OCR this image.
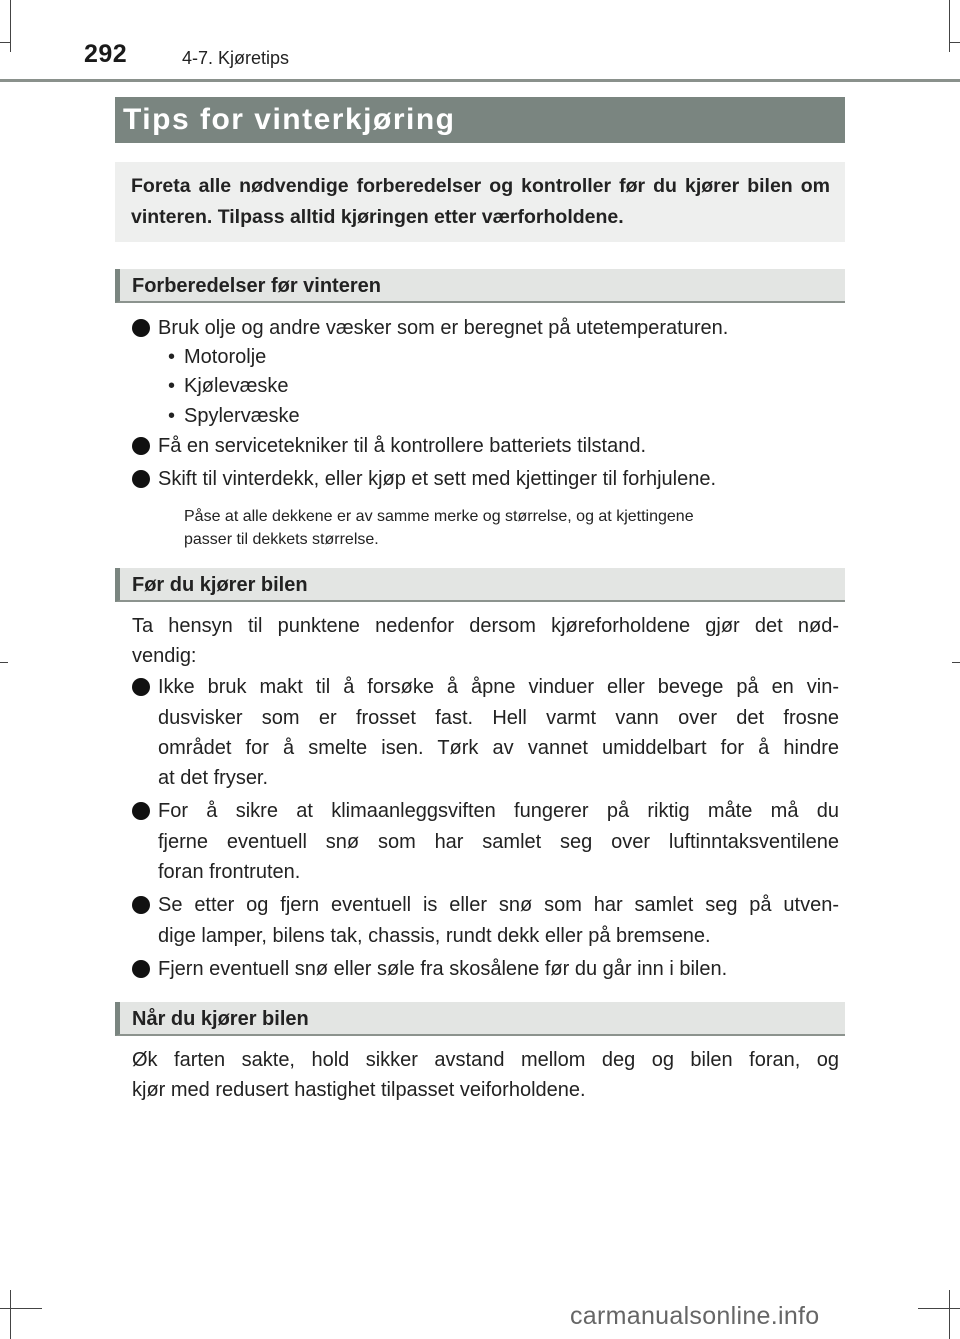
292	4-7. Kjøretips
Tips for vinterkjøring
Foreta alle nødvendige forberedelser og kontroller før du kjører bilen om vinteren. Tilpass alltid kjøringen etter værforholdene.
Forberedelser før vinteren
Bruk olje og andre væsker som er beregnet på utetemperaturen.
• Motorolje
• Kjølevæske
• Spylervæske
Få en servicetekniker til å kontrollere batteriets tilstand.
Skift til vinterdekk, eller kjøp et sett med kjettinger til forhjulene.
Påse at alle dekkene er av samme merke og størrelse, og at kjettingene
passer til dekkets størrelse.
Før du kjører bilen
Ta hensyn til punktene nedenfor dersom kjøreforholdene gjør det nød-
vendig:
Ikke bruk makt til å forsøke å åpne vinduer eller bevege på en vin-
dusvisker som er frosset fast. Hell varmt vann over det frosne
området for å smelte isen. Tørk av vannet umiddelbart for å hindre
at det fryser.
For å sikre at klimaanleggsviften fungerer på riktig måte må du
fjerne eventuell snø som har samlet seg over luftinntaksventilene
foran frontruten.
Se etter og fjern eventuell is eller snø som har samlet seg på utven-
dige lamper, bilens tak, chassis, rundt dekk eller på bremsene.
Fjern eventuell snø eller søle fra skosålene før du går inn i bilen.
Når du kjører bilen
Øk farten sakte, hold sikker avstand mellom deg og bilen foran, og
kjør med redusert hastighet tilpasset veiforholdene.
carmanualsonline.info
